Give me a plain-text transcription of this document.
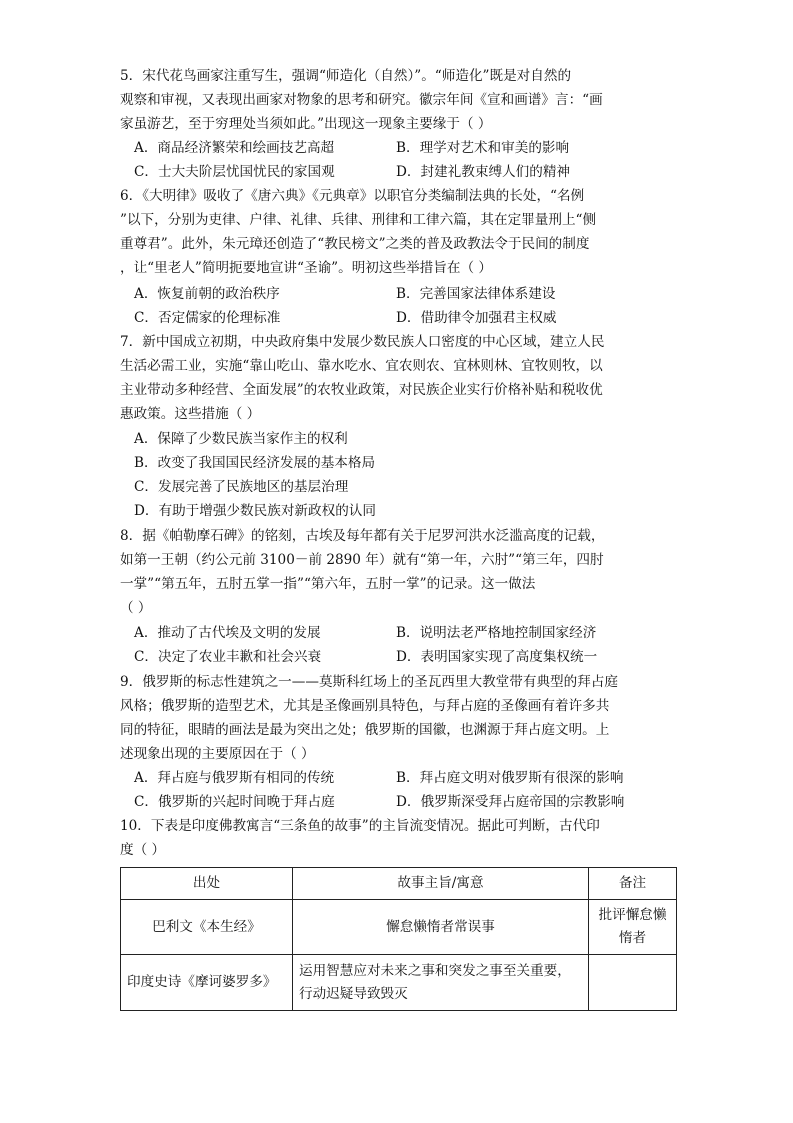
5．宋代花鸟画家注重写生，强调“师造化（自然）”。“师造化”既是对自然的
观察和审视，又表现出画家对物象的思考和研究。徽宗年间《宣和画谱》言：“画
家虽游艺，至于穷理处当须如此。”出现这一现象主要缘于（ ）
A．商品经济繁荣和绘画技艺高超	B．理学对艺术和审美的影响
C．士大夫阶层忧国忧民的家国观	D．封建礼教束缚人们的精神
6．《大明律》吸收了《唐六典》《元典章》以职官分类编制法典的长处，“名例
”以下，分别为吏律、户律、礼律、兵律、刑律和工律六篇，其在定罪量刑上“侧
重尊君”。此外，朱元璋还创造了“教民榜文”之类的普及政教法令于民间的制度
，让“里老人”简明扼要地宣讲“圣谕”。明初这些举措旨在（ ）
A．恢复前朝的政治秩序	B．完善国家法律体系建设
C．否定儒家的伦理标准	D．借助律令加强君主权威
7．新中国成立初期，中央政府集中发展少数民族人口密度的中心区域，建立人民
生活必需工业，实施“靠山吃山、靠水吃水、宜农则农、宜林则林、宜牧则牧，以
主业带动多种经营、全面发展”的农牧业政策，对民族企业实行价格补贴和税收优
惠政策。这些措施（ ）
A．保障了少数民族当家作主的权利
B．改变了我国国民经济发展的基本格局
C．发展完善了民族地区的基层治理
D．有助于增强少数民族对新政权的认同
8．据《帕勒摩石碑》的铭刻，古埃及每年都有关于尼罗河洪水泛滥高度的记载，
如第一王朝（约公元前 3100－前 2890 年）就有“第一年，六肘”“第三年，四肘
一掌”“第五年，五肘五掌一指”“第六年，五肘一掌”的记录。这一做法
（ ）
A．推动了古代埃及文明的发展	B．说明法老严格地控制国家经济
C．决定了农业丰歉和社会兴衰	D．表明国家实现了高度集权统一
9．俄罗斯的标志性建筑之一——莫斯科红场上的圣瓦西里大教堂带有典型的拜占庭
风格；俄罗斯的造型艺术，尤其是圣像画别具特色，与拜占庭的圣像画有着许多共
同的特征，眼睛的画法是最为突出之处；俄罗斯的国徽，也渊源于拜占庭文明。上
述现象出现的主要原因在于（ ）
A．拜占庭与俄罗斯有相同的传统	B．拜占庭文明对俄罗斯有很深的影响
C．俄罗斯的兴起时间晚于拜占庭	D．俄罗斯深受拜占庭帝国的宗教影响
10．下表是印度佛教寓言“三条鱼的故事”的主旨流变情况。据此可判断，古代印
度（ ）
出处	故事主旨/寓意	备注
巴利文《本生经》	懈怠懒惰者常误事	批评懈怠懒惰者
印度史诗《摩诃婆罗多》	运用智慧应对未来之事和突发之事至关重要，行动迟疑导致毁灭	
